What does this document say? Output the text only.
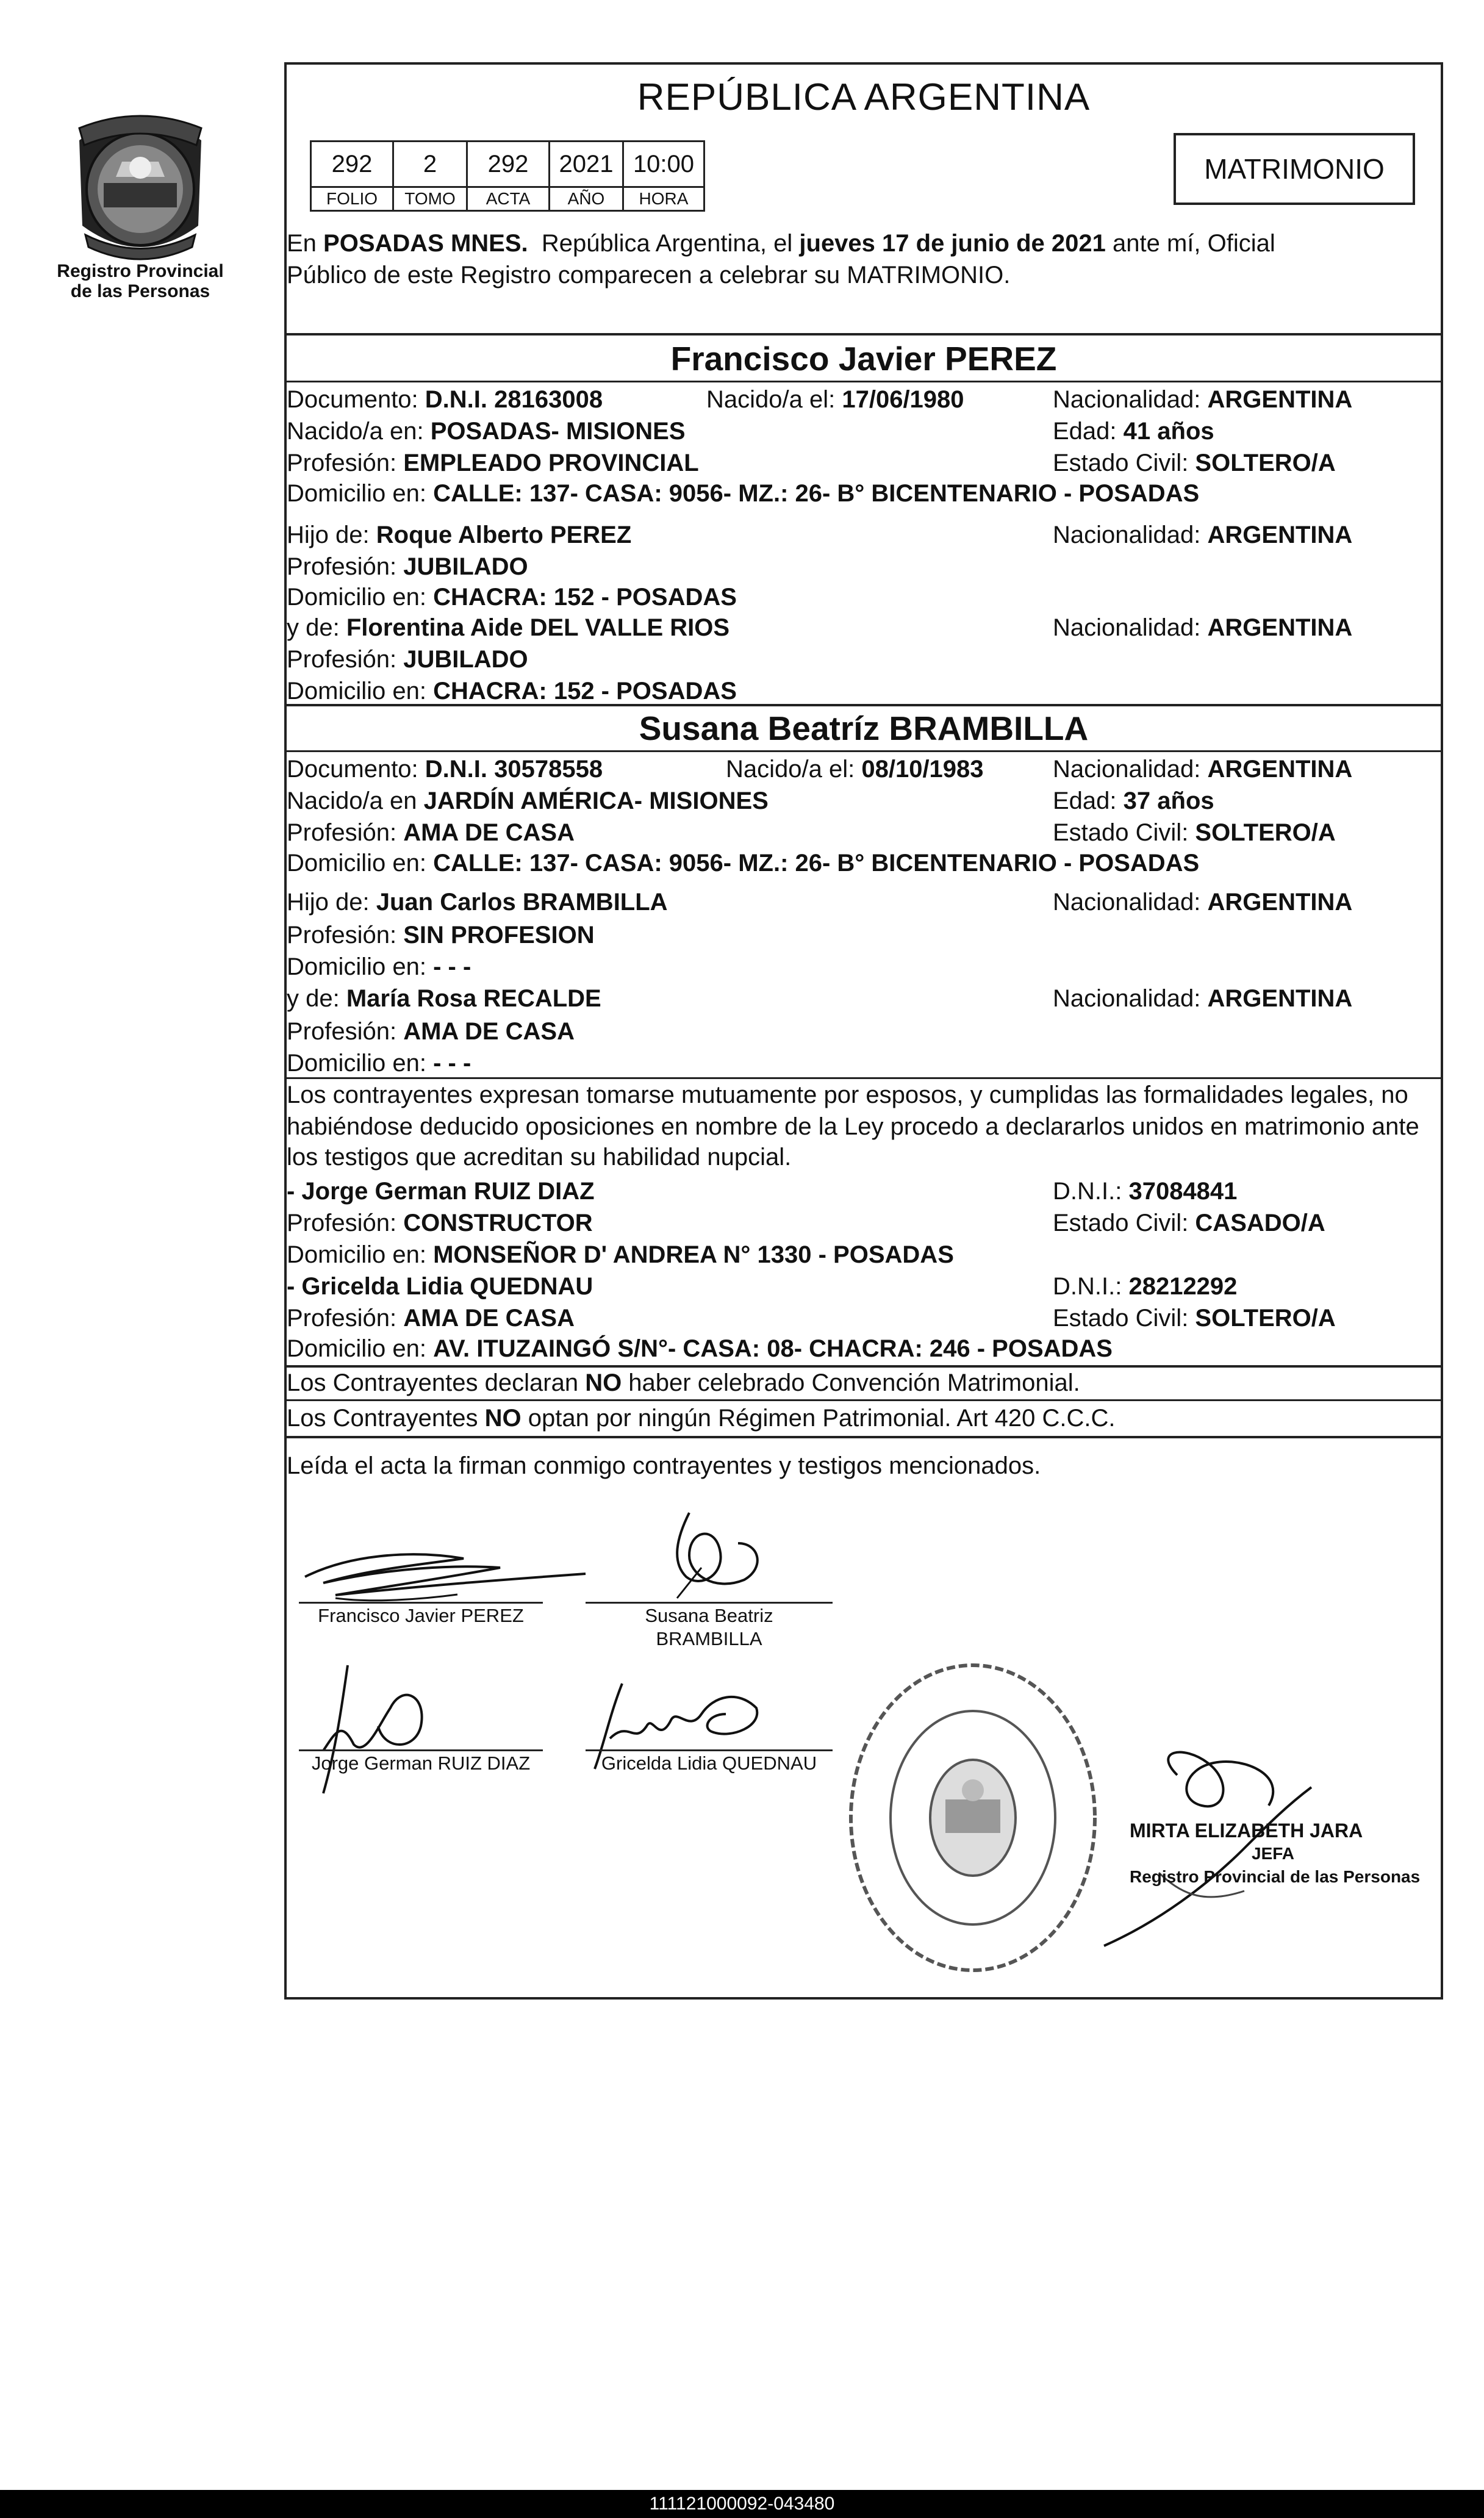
Registro Provincial
de las Personas
REPÚBLICA ARGENTINA
292	2	292	2021	10:00
FOLIO	TOMO	ACTA	AÑO	HORA
MATRIMONIO
En POSADAS MNES.  República Argentina, el jueves 17 de junio de 2021 ante mí, Oficial
Público de este Registro comparecen a celebrar su MATRIMONIO.
Francisco Javier PEREZ
Documento: D.N.I. 28163008	Nacido/a el: 17/06/1980	Nacionalidad: ARGENTINA
Nacido/a en: POSADAS- MISIONES	Edad: 41 años
Profesión: EMPLEADO PROVINCIAL	Estado Civil: SOLTERO/A
Domicilio en: CALLE: 137- CASA: 9056- MZ.: 26- B° BICENTENARIO - POSADAS
Hijo de: Roque Alberto PEREZ	Nacionalidad: ARGENTINA
Profesión: JUBILADO
Domicilio en: CHACRA: 152 - POSADAS
y de: Florentina Aide DEL VALLE RIOS	Nacionalidad: ARGENTINA
Profesión: JUBILADO
Domicilio en: CHACRA: 152 - POSADAS
Susana Beatríz BRAMBILLA
Documento: D.N.I. 30578558	Nacido/a el: 08/10/1983	Nacionalidad: ARGENTINA
Nacido/a en JARDÍN AMÉRICA- MISIONES	Edad: 37 años
Profesión: AMA DE CASA	Estado Civil: SOLTERO/A
Domicilio en: CALLE: 137- CASA: 9056- MZ.: 26- B° BICENTENARIO - POSADAS
Hijo de: Juan Carlos BRAMBILLA	Nacionalidad: ARGENTINA
Profesión: SIN PROFESION
Domicilio en: - - -
y de: María Rosa RECALDE	Nacionalidad: ARGENTINA
Profesión: AMA DE CASA
Domicilio en: - - -
Los contrayentes expresan tomarse mutuamente por esposos, y cumplidas las formalidades legales, no
habiéndose deducido oposiciones en nombre de la Ley procedo a declararlos unidos en matrimonio ante
los testigos que acreditan su habilidad nupcial.
- Jorge German RUIZ DIAZ	D.N.I.: 37084841
Profesión: CONSTRUCTOR	Estado Civil: CASADO/A
Domicilio en: MONSEÑOR D' ANDREA N° 1330 - POSADAS
- Gricelda Lidia QUEDNAU	D.N.I.: 28212292
Profesión: AMA DE CASA	Estado Civil: SOLTERO/A
Domicilio en: AV. ITUZAINGÓ S/N°- CASA: 08- CHACRA: 246 - POSADAS
Los Contrayentes declaran NO haber celebrado Convención Matrimonial.
Los Contrayentes NO optan por ningún Régimen Patrimonial. Art 420 C.C.C.
Leída el acta la firman conmigo contrayentes y testigos mencionados.
Francisco Javier PEREZ	Susana Beatriz
BRAMBILLA
Jorge German RUIZ DIAZ	Gricelda Lidia QUEDNAU
MIRTA ELIZABETH JARA
JEFA
Registro Provincial de las Personas
111121000092-043480
